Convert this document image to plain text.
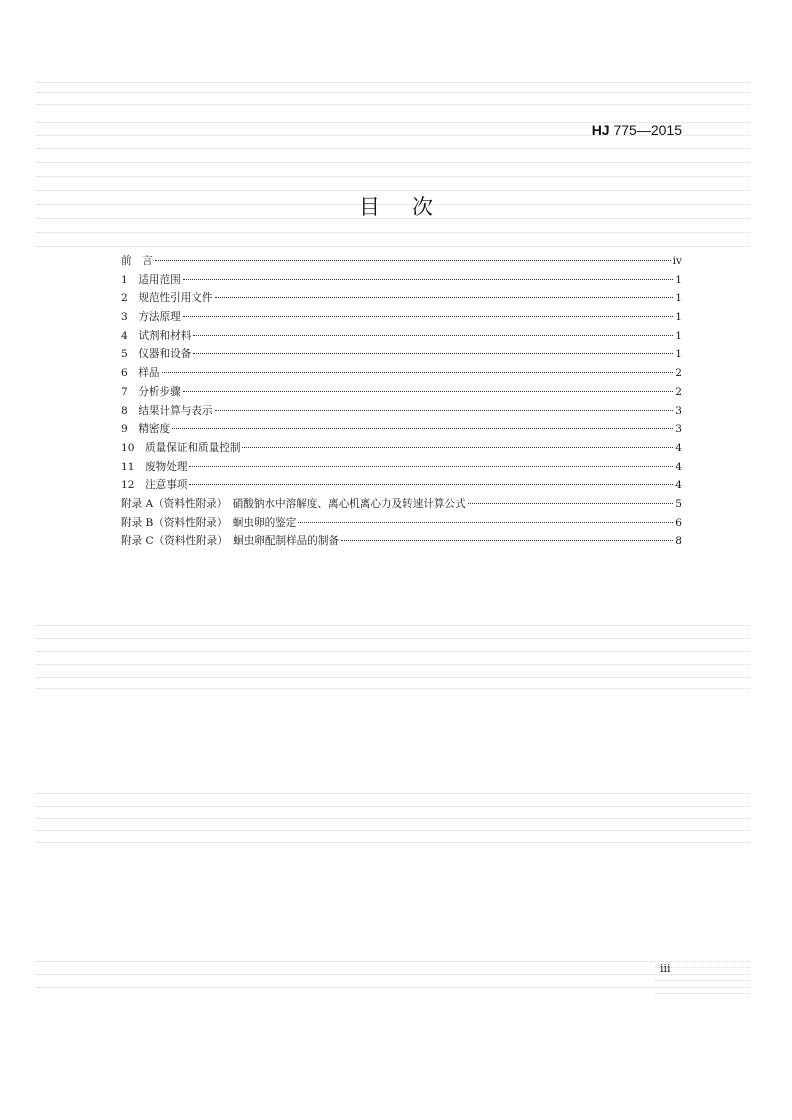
HJ 775—2015
目次
前　言	iv
1　适用范围	1
2　规范性引用文件	1
3　方法原理	1
4　试剂和材料	1
5　仪器和设备	1
6　样品	2
7　分析步骤	2
8　结果计算与表示	3
9　精密度	3
10　质量保证和质量控制	4
11　废物处理	4
12　注意事项	4
附录 A（资料性附录）　硝酸钠水中溶解度、离心机离心力及转速计算公式	5
附录 B（资料性附录）　蛔虫卵的鉴定	6
附录 C（资料性附录）　蛔虫卵配制样品的制备	8
iii
